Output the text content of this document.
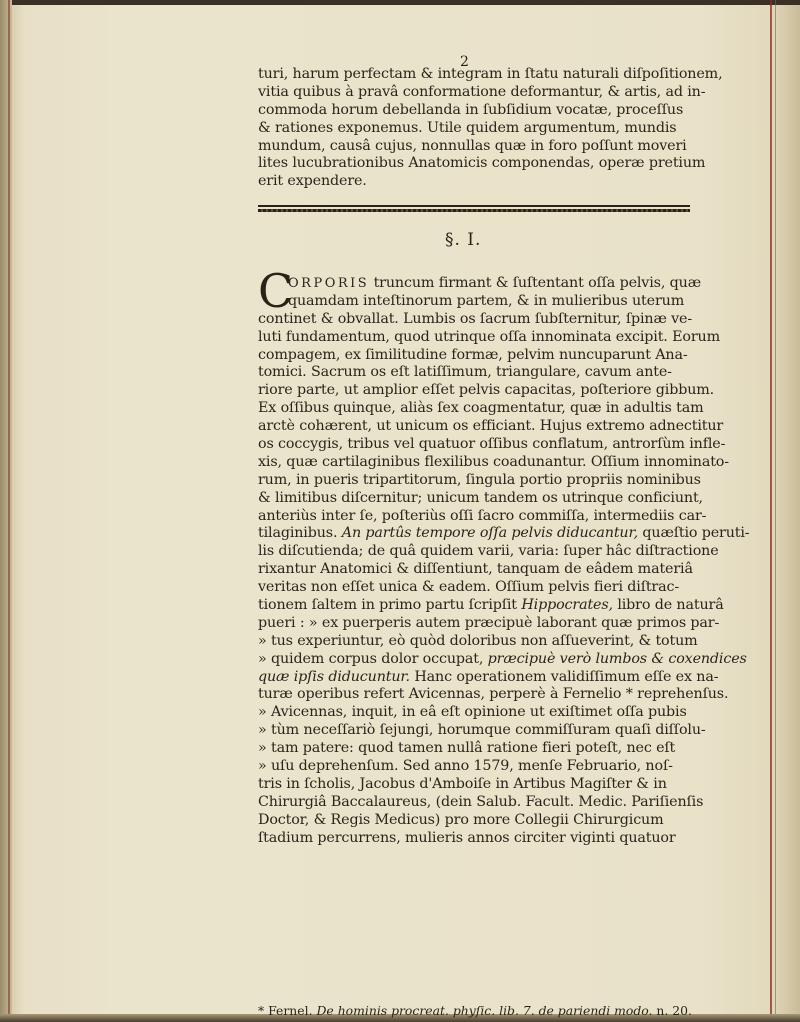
2
turi, harum perfectam & integram in ſtatu naturali diſpoſitionem,
vitia quibus à pravâ conformatione deformantur, & artis, ad in-
commoda horum debellanda in ſubſidium vocatæ, proceſſus
& rationes exponemus. Utile quidem argumentum, mundis
mundum, causâ cujus, nonnullas quæ in foro poſſunt moveri
lites lucubrationibus Anatomicis componendas, operæ pretium
erit expendere.
§. I.
C
ORPORIS truncum firmant & ſuſtentant oſſa pelvis, quæ
quamdam inteſtinorum partem, & in mulieribus uterum
continet & obvallat. Lumbis os ſacrum ſubſternitur, ſpinæ ve-
luti fundamentum, quod utrinque oſſa innominata excipit. Eorum
compagem, ex ſimilitudine formæ, pelvim nuncuparunt Ana-
tomici. Sacrum os eſt latiſſimum, triangulare, cavum ante-
riore parte, ut amplior eſſet pelvis capacitas, poſteriore gibbum.
Ex oſſibus quinque, aliàs ſex coagmentatur, quæ in adultis tam
arctè cohærent, ut unicum os efficiant. Hujus extremo adnectitur
os coccygis, tribus vel quatuor oſſibus conflatum, antrorſùm infle-
xis, quæ cartilaginibus flexilibus coadunantur. Oſſium innominato-
rum, in pueris tripartitorum, ſingula portio propriis nominibus
& limitibus diſcernitur; unicum tandem os utrinque conficiunt,
anteriùs inter ſe, poſteriùs oſſi ſacro commiſſa, intermediis car-
tilaginibus. An partûs tempore oſſa pelvis diducantur, quæſtio peruti-
lis diſcutienda; de quâ quidem varii, varia: ſuper hâc diſtractione
rixantur Anatomici & diſſentiunt, tanquam de eâdem materiâ
veritas non eſſet unica & eadem. Oſſium pelvis fieri diſtrac-
tionem ſaltem in primo partu ſcripſit Hippocrates, libro de naturâ
pueri : » ex puerperis autem præcipuè laborant quæ primos par-
» tus experiuntur, eò quòd doloribus non aſſueverint, & totum
» quidem corpus dolor occupat, præcipuè verò lumbos & coxendices
quæ ipſis diducuntur. Hanc operationem validiſſimum eſſe ex na-
turæ operibus refert Avicennas, perperè à Fernelio * reprehenſus.
» Avicennas, inquit, in eâ eſt opinione ut exiſtimet oſſa pubis
» tùm neceſſariò ſejungi, horumque commiſſuram quaſi diſſolu-
» tam patere: quod tamen nullâ ratione fieri poteſt, nec eſt
» uſu deprehenſum. Sed anno 1579, menſe Februario, noſ-
tris in ſcholis, Jacobus d'Amboiſe in Artibus Magiſter & in
Chirurgiâ Baccalaureus, (dein Salub. Facult. Medic. Pariſienſis
Doctor, & Regis Medicus) pro more Collegii Chirurgicum
ſtadium percurrens, mulieris annos circiter viginti quatuor
* Fernel. De hominis procreat. phyſic. lib. 7. de pariendi modo. n. 20.
